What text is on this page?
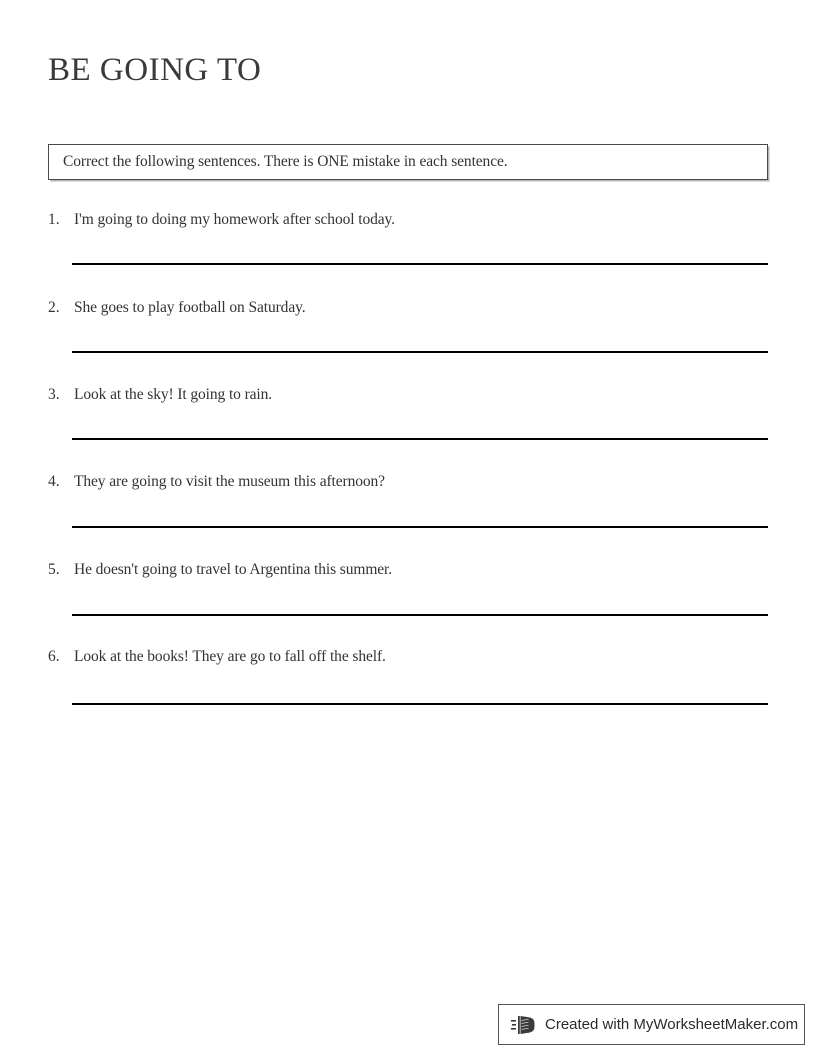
BE GOING TO
Correct the following sentences. There is ONE mistake in each sentence.
1. I'm going to doing my homework after school today.
2. She goes to play football on Saturday.
3. Look at the sky! It going to rain.
4. They are going to visit the museum this afternoon?
5. He doesn't going to travel to Argentina this summer.
6. Look at the books! They are go to fall off the shelf.
Created with MyWorksheetMaker.com
